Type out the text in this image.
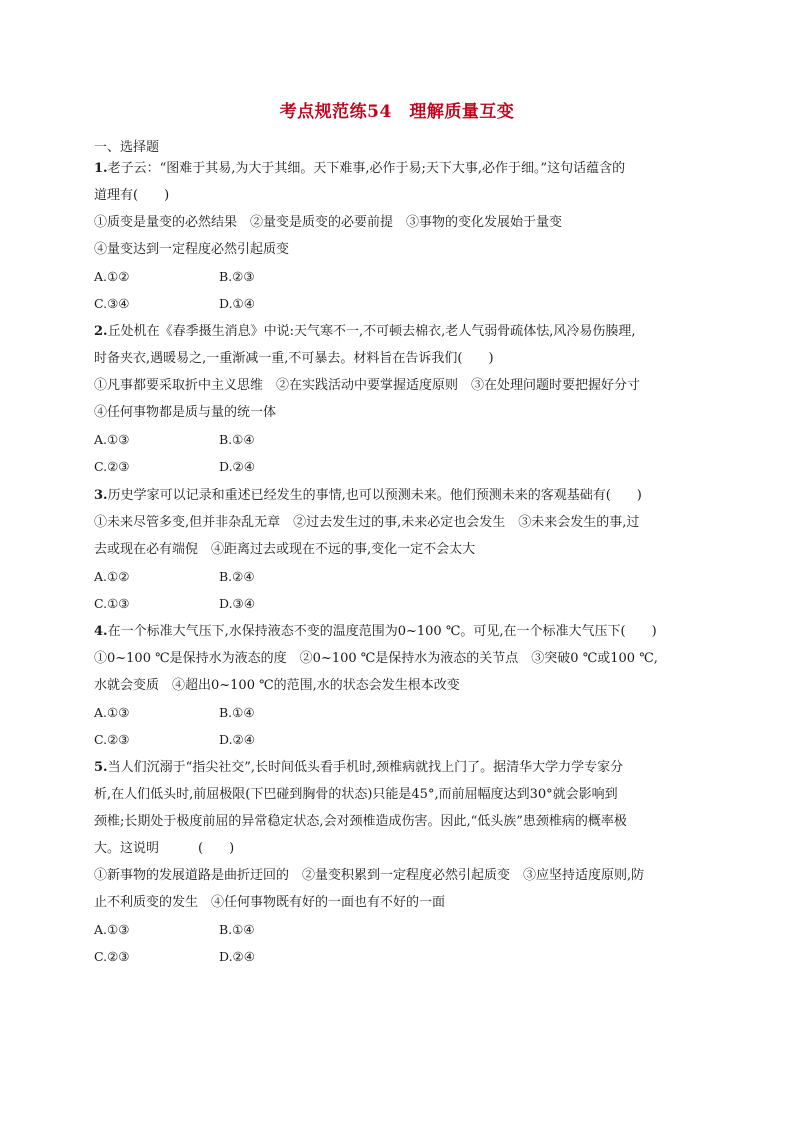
考点规范练54　理解质量互变
一、选择题
1.老子云：“图难于其易,为大于其细。天下难事,必作于易;天下大事,必作于细。”这句话蕴含的
道理有(　　)
①质变是量变的必然结果　②量变是质变的必要前提　③事物的变化发展始于量变
④量变达到一定程度必然引起质变
A.①②	B.②③
C.③④	D.①④
2.丘处机在《春季摄生消息》中说:天气寒不一,不可顿去棉衣,老人气弱骨疏体怯,风冷易伤腠理,
时备夹衣,遇暖易之,一重渐减一重,不可暴去。材料旨在告诉我们(　　)
①凡事都要采取折中主义思维　②在实践活动中要掌握适度原则　③在处理问题时要把握好分寸
④任何事物都是质与量的统一体
A.①③	B.①④
C.②③	D.②④
3.历史学家可以记录和重述已经发生的事情,也可以预测未来。他们预测未来的客观基础有(　　)
①未来尽管多变,但并非杂乱无章　②过去发生过的事,未来必定也会发生　③未来会发生的事,过
去或现在必有端倪　④距离过去或现在不远的事,变化一定不会太大
A.①②	B.②④
C.①③	D.③④
4.在一个标准大气压下,水保持液态不变的温度范围为0~100 ℃。可见,在一个标准大气压下(　　)
①0~100 ℃是保持水为液态的度　②0~100 ℃是保持水为液态的关节点　③突破0 ℃或100 ℃,
水就会变质　④超出0~100 ℃的范围,水的状态会发生根本改变
A.①③	B.①④
C.②③	D.②④
5.当人们沉溺于“指尖社交”,长时间低头看手机时,颈椎病就找上门了。据清华大学力学专家分
析,在人们低头时,前屈极限(下巴碰到胸骨的状态)只能是45°,而前屈幅度达到30°就会影响到
颈椎;长期处于极度前屈的异常稳定状态,会对颈椎造成伤害。因此,“低头族”患颈椎病的概率极
大。这说明　　　(　　)
①新事物的发展道路是曲折迂回的　②量变积累到一定程度必然引起质变　③应坚持适度原则,防
止不利质变的发生　④任何事物既有好的一面也有不好的一面
A.①③	B.①④
C.②③	D.②④
